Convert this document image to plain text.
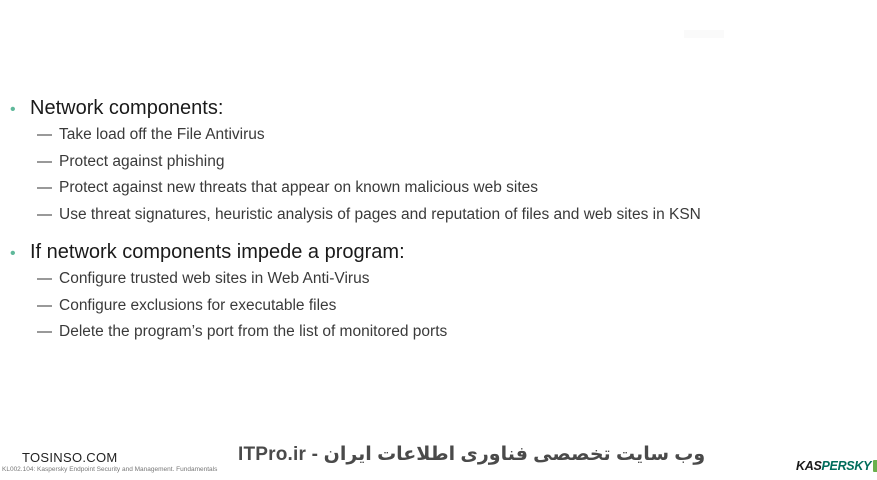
• Network components:
— Take load off the File Antivirus
— Protect against phishing
— Protect against new threats that appear on known malicious web sites
— Use threat signatures, heuristic analysis of pages and reputation of files and web sites in KSN
• If network components impede a program:
— Configure trusted web sites in Web Anti-Virus
— Configure exclusions for executable files
— Delete the program’s port from the list of monitored ports
TOSINSO.COM
KL002.104: Kaspersky Endpoint Security and Management. Fundamentals
ITPro.ir - وب سایت تخصصی فناوری اطلاعات ایران
KASPERSKY
